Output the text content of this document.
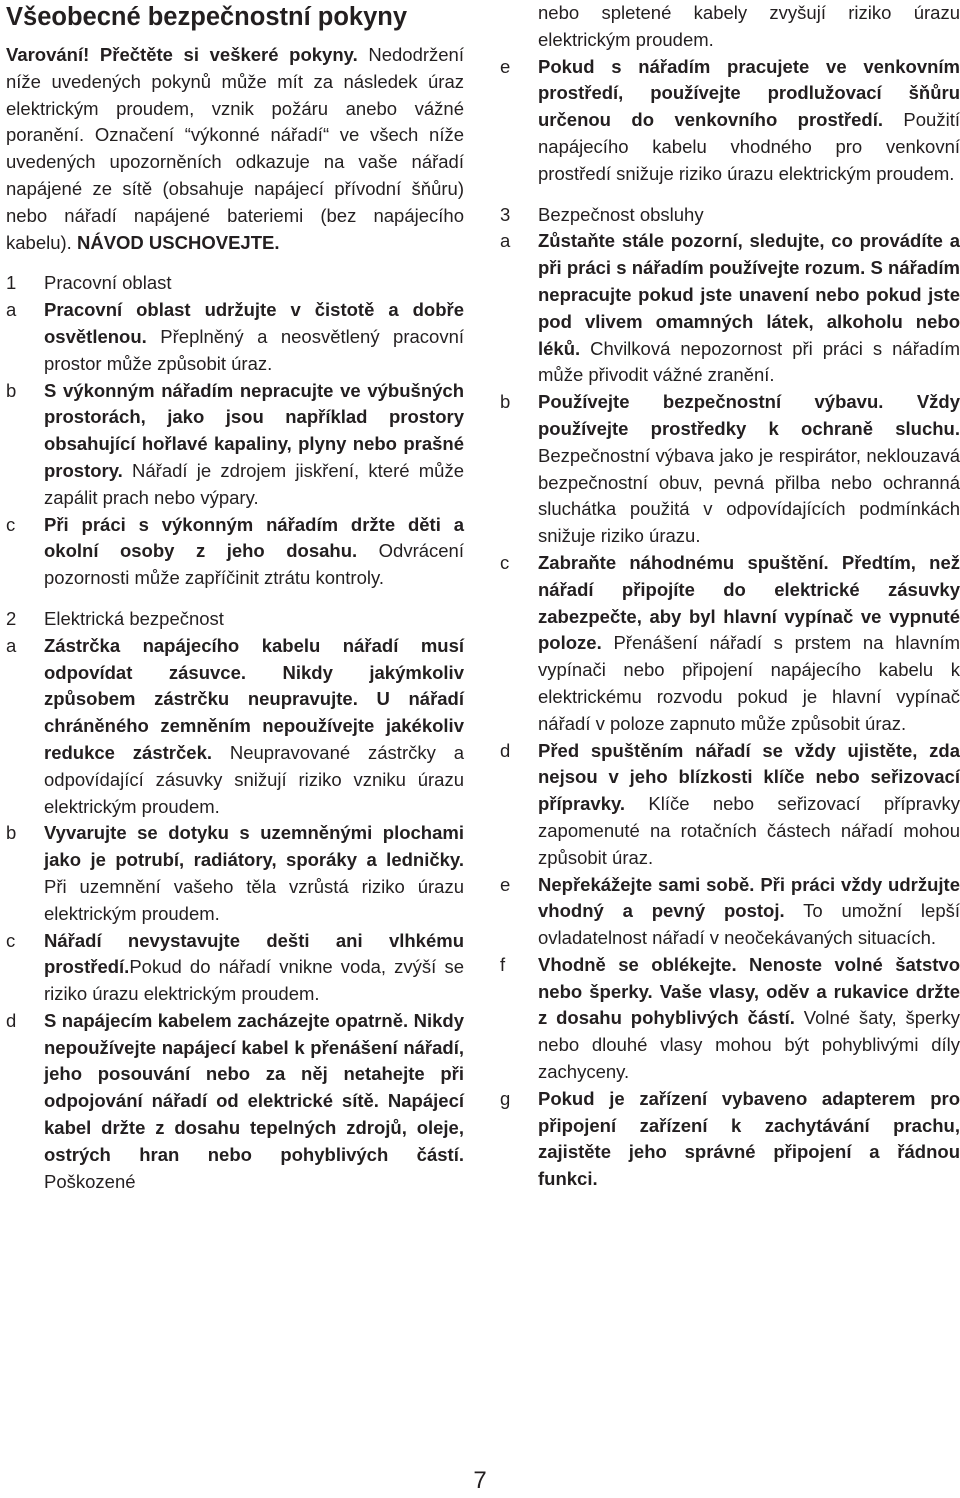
Všeobecné bezpečnostní pokyny

Varování! Přečtěte si veškeré pokyny. Nedodržení níže uvedených pokynů může mít za následek úraz elektrickým proudem, vznik požáru anebo vážné poranění. Označení “výkonné nářadí“ ve všech níže uvedených upozorněních odkazuje na vaše nářadí napájené ze sítě (obsahuje napájecí přívodní šňůru) nebo nářadí napájené bateriemi (bez napájecího kabelu). NÁVOD USCHOVEJTE.

1	Pracovní oblast
a	Pracovní oblast udržujte v čistotě a dobře osvětlenou. Přeplněný a neosvětlený pracovní prostor může způsobit úraz.
b	S výkonným nářadím nepracujte ve výbušných prostorách, jako jsou například prostory obsahující hořlavé kapaliny, plyny nebo prašné prostory. Nářadí je zdrojem jiskření, které může zapálit prach nebo výpary.
c	Při práci s výkonným nářadím držte děti a okolní osoby z jeho dosahu. Odvrácení pozornosti může zapříčinit ztrátu kontroly.
2	Elektrická bezpečnost
a	Zástrčka napájecího kabelu nářadí musí odpovídat zásuvce. Nikdy jakýmkoliv způsobem zástrčku neupravujte. U nářadí chráněného zemněním nepoužívejte jakékoliv redukce zástrček. Neupravované zástrčky a odpovídající zásuvky snižují riziko vzniku úrazu elektrickým proudem.
b	Vyvarujte se dotyku s uzemněnými plochami jako je potrubí, radiátory, sporáky a ledničky. Při uzemnění vašeho těla vzrůstá riziko úrazu elektrickým proudem.
c	Nářadí nevystavujte dešti ani vlhkému prostředí.Pokud do nářadí vnikne voda, zvýší se riziko úrazu elektrickým proudem.
d	S napájecím kabelem zacházejte opatrně. Nikdy nepoužívejte napájecí kabel k přenášení nářadí, jeho posouvání nebo za něj netahejte při odpojování nářadí od elektrické sítě. Napájecí kabel držte z dosahu tepelných zdrojů, oleje, ostrých hran nebo pohyblivých částí. Poškozené
nebo spletené kabely zvyšují riziko úrazu elektrickým proudem.
e	Pokud s nářadím pracujete ve venkovním prostředí, používejte prodlužovací šňůru určenou do venkovního prostředí. Použití napájecího kabelu vhodného pro venkovní prostředí snižuje riziko úrazu elektrickým proudem.
3	Bezpečnost obsluhy
a	Zůstaňte stále pozorní, sledujte, co provádíte a při práci s nářadím používejte rozum. S nářadím nepracujte pokud jste unavení nebo pokud jste pod vlivem omamných látek, alkoholu nebo léků. Chvilková nepozornost při práci s nářadím může přivodit vážné zranění.
b	Používejte bezpečnostní výbavu. Vždy používejte prostředky k ochraně sluchu. Bezpečnostní výbava jako je respirátor, neklouzavá bezpečnostní obuv, pevná přilba nebo ochranná sluchátka použitá v odpovídajících podmínkách snižuje riziko úrazu.
c	Zabraňte náhodnému spuštění. Předtím, než nářadí připojíte do elektrické zásuvky zabezpečte, aby byl hlavní vypínač ve vypnuté poloze. Přenášení nářadí s prstem na hlavním vypínači nebo připojení napájecího kabelu k elektrickému rozvodu pokud je hlavní vypínač nářadí v poloze zapnuto může způsobit úraz.
d	Před spuštěním nářadí se vždy ujistěte, zda nejsou v jeho blízkosti klíče nebo seřizovací přípravky. Klíče nebo seřizovací přípravky zapomenuté na rotačních částech nářadí mohou způsobit úraz.
e	Nepřekážejte sami sobě. Při práci vždy udržujte vhodný a pevný postoj. To umožní lepší ovladatelnost nářadí v neočekávaných situacích.
f	Vhodně se oblékejte. Nenoste volné šatstvo nebo šperky. Vaše vlasy, oděv a rukavice držte z dosahu pohyblivých částí. Volné šaty, šperky nebo dlouhé vlasy mohou být pohyblivými díly zachyceny.
g	Pokud je zařízení vybaveno adapterem pro připojení zařízení k zachytávání prachu, zajistěte jeho správné připojení a řádnou funkci.
7
